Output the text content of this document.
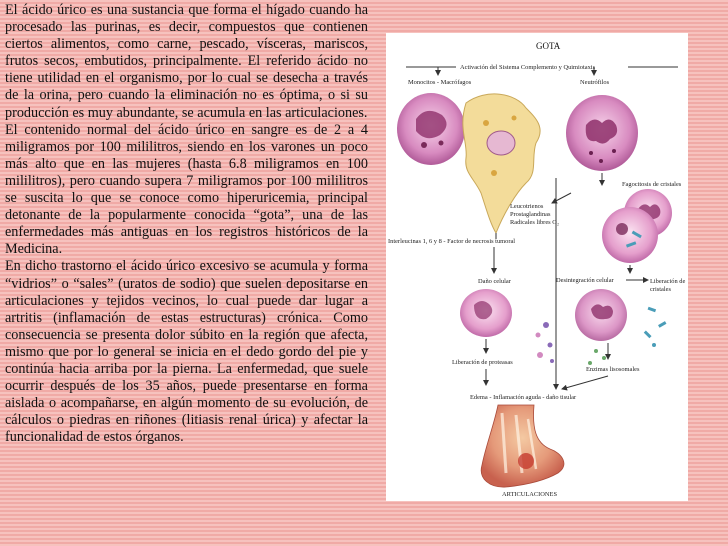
El ácido úrico es una sustancia que forma el hígado cuando ha procesado las purinas, es decir, compuestos que contienen ciertos alimentos, como carne, pescado, vísceras, mariscos, frutos secos, embutidos, principalmente. El referido ácido no tiene utilidad en el organismo, por lo cual se desecha a través de la orina, pero cuando la eliminación no es óptima, o si su producción es muy abundante, se acumula en las articulaciones.

El contenido normal del ácido úrico en sangre es de 2 a 4 miligramos por 100 mililitros, siendo en los varones un poco más alto que en las mujeres (hasta 6.8 miligramos en 100 mililitros), pero cuando supera 7 miligramos por 100 mililitros se suscita lo que se conoce como hiperuricemia, principal detonante de la popularmente conocida “gota”, una de las enfermedades más antiguas en los registros históricos de la Medicina.

En dicho trastorno el ácido úrico excesivo se acumula y forma “vidrios” o “sales” (uratos de sodio) que suelen depositarse en articulaciones y tejidos vecinos, lo cual puede dar lugar a artritis (inflamación de estas estructuras) crónica. Como consecuencia se presenta dolor súbito en la región que afecta, mismo que por lo general se inicia en el dedo gordo del pie y continúa hacia arriba por la pierna. La enfermedad, que suele ocurrir después de los 35 años, puede presentarse en forma aislada o acompañarse, en algún momento de su evolución, de cálculos o piedras en riñones (litiasis renal úrica) y afectar la funcionalidad de estos órganos.

GOTA
Activación del Sistema Complemento y Quimiotaxis
Monocitos - Macrófagos	Neutrófilos
Fagocitosis de cristales
Leucotrienos
Prostaglandinas
Radicales libres O₂
Interleucinas 1, 6 y 8 - Factor de necrosis tumoral
Daño celular
Liberación de proteasas
Desintegración celular	Liberación de
cristales
Enzimas lisosomales
Edema - Inflamación aguda - daño tisular
ARTICULACIONES
